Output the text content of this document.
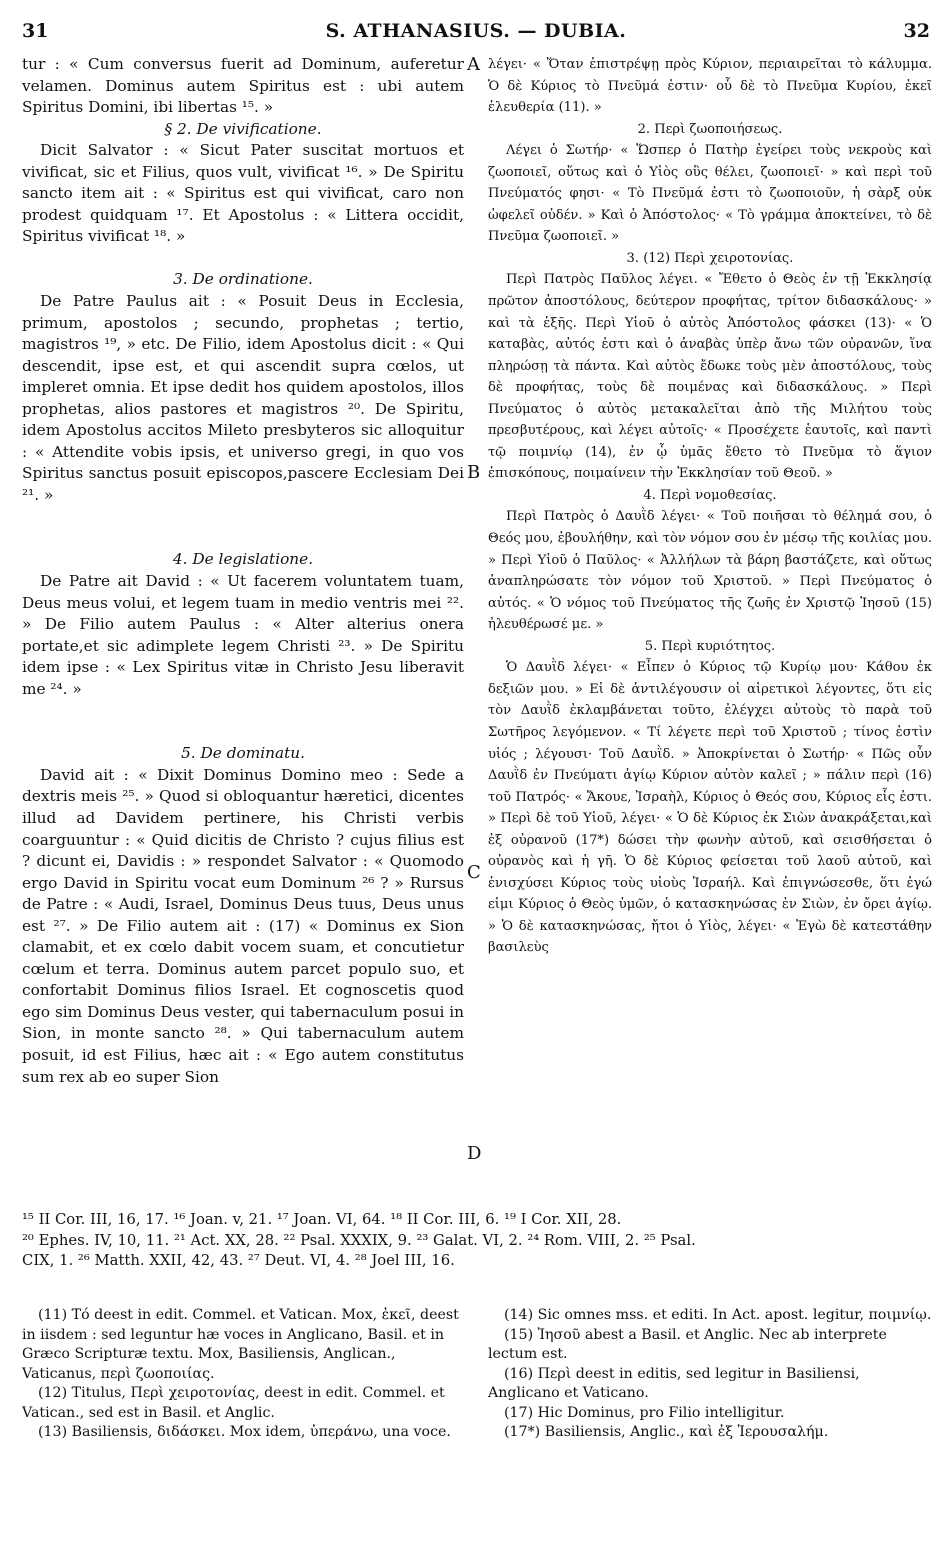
31	S. ATHANASIUS. — DUBIA.	32
A
B
C
D

tur : « Cum conversus fuerit ad Dominum, auferetur velamen. Dominus autem Spiritus est : ubi autem Spiritus Domini, ibi libertas ¹⁵. »

§ 2. De vivificatione.

Dicit Salvator : « Sicut Pater suscitat mortuos et vivificat, sic et Filius, quos vult, vivificat ¹⁶. » De Spiritu sancto item ait : « Spiritus est qui vivificat, caro non prodest quidquam ¹⁷. Et Apostolus : « Littera occidit, Spiritus vivificat ¹⁸. »

3. De ordinatione.

De Patre Paulus ait : « Posuit Deus in Ecclesia, primum, apostolos ; secundo, prophetas ; tertio, magistros ¹⁹, » etc. De Filio, idem Apostolus dicit : « Qui descendit, ipse est, et qui ascendit supra cœlos, ut impleret omnia. Et ipse dedit hos quidem apostolos, illos prophetas, alios pastores et magistros ²⁰. De Spiritu, idem Apostolus accitos Mileto presbyteros sic alloquitur : « Attendite vobis ipsis, et universo gregi, in quo vos Spiritus sanctus posuit episcopos,pascere Ecclesiam Dei ²¹. »

4. De legislatione.

De Patre ait David : « Ut facerem voluntatem tuam, Deus meus volui, et legem tuam in medio ventris mei ²². » De Filio autem Paulus : « Alter alterius onera portate,et sic adimplete legem Christi ²³. » De Spiritu idem ipse : « Lex Spiritus vitæ in Christo Jesu liberavit me ²⁴. »

5. De dominatu.

David ait : « Dixit Dominus Domino meo : Sede a dextris meis ²⁵. » Quod si obloquantur hæretici, dicentes illud ad Davidem pertinere, his Christi verbis coarguuntur : « Quid dicitis de Christo ? cujus filius est ? dicunt ei, Davidis : » respondet Salvator : « Quomodo ergo David in Spiritu vocat eum Dominum ²⁶ ? » Rursus de Patre : « Audi, Israel, Dominus Deus tuus, Deus unus est ²⁷. » De Filio autem ait : (17) « Dominus ex Sion clamabit, et ex cœlo dabit vocem suam, et concutietur cœlum et terra. Dominus autem parcet populo suo, et confortabit Dominus filios Israel. Et cognoscetis quod ego sim Dominus Deus vester, qui tabernaculum posui in Sion, in monte sancto ²⁸. » Qui tabernaculum autem posuit, id est Filius, hæc ait : « Ego autem constitutus sum rex ab eo super Sion

λέγει· « Ὅταν ἐπιστρέψῃ πρὸς Κύριον, περιαιρεῖται τὸ κάλυμμα. Ὁ δὲ Κύριος τὸ Πνεῦμά ἐστιν· οὗ δὲ τὸ Πνεῦμα Κυρίου, ἐκεῖ ἐλευθερία (11). »

2. Περὶ ζωοποιήσεως.

Λέγει ὁ Σωτήρ· « Ὥσπερ ὁ Πατὴρ ἐγείρει τοὺς νεκροὺς καὶ ζωοποιεῖ, οὕτως καὶ ὁ Υἱὸς οὓς θέλει, ζωοποιεῖ· » καὶ περὶ τοῦ Πνεύματός φησι· « Τὸ Πνεῦμά ἐστι τὸ ζωοποιοῦν, ἡ σὰρξ οὐκ ὠφελεῖ οὐδέν. » Καὶ ὁ Ἀπόστολος· « Τὸ γράμμα ἀποκτείνει, τὸ δὲ Πνεῦμα ζωοποιεῖ. »

3. (12) Περὶ χειροτονίας.

Περὶ Πατρὸς Παῦλος λέγει. « Ἔθετο ὁ Θεὸς ἐν τῇ Ἐκκλησίᾳ πρῶτον ἀποστόλους, δεύτερον προφήτας, τρίτον διδασκάλους· » καὶ τὰ ἑξῆς. Περὶ Υἱοῦ ὁ αὐτὸς Ἀπόστολος φάσκει (13)· « Ὁ καταβὰς, αὐτός ἐστι καὶ ὁ ἀναβὰς ὑπὲρ ἄνω τῶν οὐρανῶν, ἵνα πληρώσῃ τὰ πάντα. Καὶ αὐτὸς ἔδωκε τοὺς μὲν ἀποστόλους, τοὺς δὲ προφήτας, τοὺς δὲ ποιμένας καὶ διδασκάλους. » Περὶ Πνεύματος ὁ αὐτὸς μετακαλεῖται ἀπὸ τῆς Μιλήτου τοὺς πρεσβυτέρους, καὶ λέγει αὐτοῖς· « Προσέχετε ἑαυτοῖς, καὶ παντὶ τῷ ποιμνίῳ (14), ἐν ᾧ ὑμᾶς ἔθετο τὸ Πνεῦμα τὸ ἅγιον ἐπισκόπους, ποιμαίνειν τὴν Ἐκκλησίαν τοῦ Θεοῦ. »

4. Περὶ νομοθεσίας.

Περὶ Πατρὸς ὁ Δαυῒδ λέγει· « Τοῦ ποιῆσαι τὸ θέλημά σου, ὁ Θεός μου, ἐβουλήθην, καὶ τὸν νόμον σου ἐν μέσῳ τῆς κοιλίας μου. » Περὶ Υἱοῦ ὁ Παῦλος· « Ἀλλήλων τὰ βάρη βαστάζετε, καὶ οὕτως ἀναπληρώσατε τὸν νόμον τοῦ Χριστοῦ. » Περὶ Πνεύματος ὁ αὐτός. « Ὁ νόμος τοῦ Πνεύματος τῆς ζωῆς ἐν Χριστῷ Ἰησοῦ (15) ἠλευθέρωσέ με. »

5. Περὶ κυριότητος.

Ὁ Δαυῒδ λέγει· « Εἶπεν ὁ Κύριος τῷ Κυρίῳ μου· Κάθου ἐκ δεξιῶν μου. » Εἰ δὲ ἀντιλέγουσιν οἱ αἱρετικοὶ λέγοντες, ὅτι εἰς τὸν Δαυῒδ ἐκλαμβάνεται τοῦτο, ἐλέγχει αὐτοὺς τὸ παρὰ τοῦ Σωτῆρος λεγόμενον. « Τί λέγετε περὶ τοῦ Χριστοῦ ; τίνος ἐστὶν υἱός ; λέγουσι· Τοῦ Δαυῒδ. » Ἀποκρίνεται ὁ Σωτήρ· « Πῶς οὖν Δαυῒδ ἐν Πνεύματι ἁγίῳ Κύριον αὐτὸν καλεῖ ; » πάλιν περὶ (16) τοῦ Πατρός· « Ἄκουε, Ἰσραὴλ, Κύριος ὁ Θεός σου, Κύριος εἷς ἐστι. » Περὶ δὲ τοῦ Υἱοῦ, λέγει· « Ὁ δὲ Κύριος ἐκ Σιὼν ἀνακράξεται,καὶ ἐξ οὐρανοῦ (17*) δώσει τὴν φωνὴν αὐτοῦ, καὶ σεισθήσεται ὁ οὐρανὸς καὶ ἡ γῆ. Ὁ δὲ Κύριος φείσεται τοῦ λαοῦ αὐτοῦ, καὶ ἐνισχύσει Κύριος τοὺς υἱοὺς Ἰσραήλ. Καὶ ἐπιγνώσεσθε, ὅτι ἐγώ εἰμι Κύριος ὁ Θεὸς ὑμῶν, ὁ κατασκηνώσας ἐν Σιὼν, ἐν ὄρει ἁγίῳ. » Ὁ δὲ κατασκηνώσας, ἤτοι ὁ Υἱὸς, λέγει· « Ἐγὼ δὲ κατεστάθην βασιλεὺς

¹⁵ II Cor. III, 16, 17. ¹⁶ Joan. v, 21. ¹⁷ Joan. VI, 64. ¹⁸ II Cor. III, 6. ¹⁹ I Cor. XII, 28.

²⁰ Ephes. IV, 10, 11. ²¹ Act. XX, 28. ²² Psal. XXXIX, 9. ²³ Galat. VI, 2. ²⁴ Rom. VIII, 2. ²⁵ Psal.

CIX, 1. ²⁶ Matth. XXII, 42, 43. ²⁷ Deut. VI, 4. ²⁸ Joel III, 16.

(11) Τό deest in edit. Commel. et Vatican. Mox, ἐκεῖ, deest in iisdem : sed leguntur hæ voces in Anglicano, Basil. et in Græco Scripturæ textu. Mox, Basiliensis, Anglican., Vaticanus, περὶ ζωοποιίας.

(12) Titulus, Περὶ χειροτονίας, deest in edit. Commel. et Vatican., sed est in Basil. et Anglic.

(13) Basiliensis, διδάσκει. Mox idem, ὑπεράνω, una voce.

(14) Sic omnes mss. et editi. In Act. apost. legitur, ποιμνίῳ.

(15) Ἰησοῦ abest a Basil. et Anglic. Nec ab interprete lectum est.

(16) Περὶ deest in editis, sed legitur in Basiliensi, Anglicano et Vaticano.

(17) Hic Dominus, pro Filio intelligitur.

(17*) Basiliensis, Anglic., καὶ ἐξ Ἱερουσαλήμ.
